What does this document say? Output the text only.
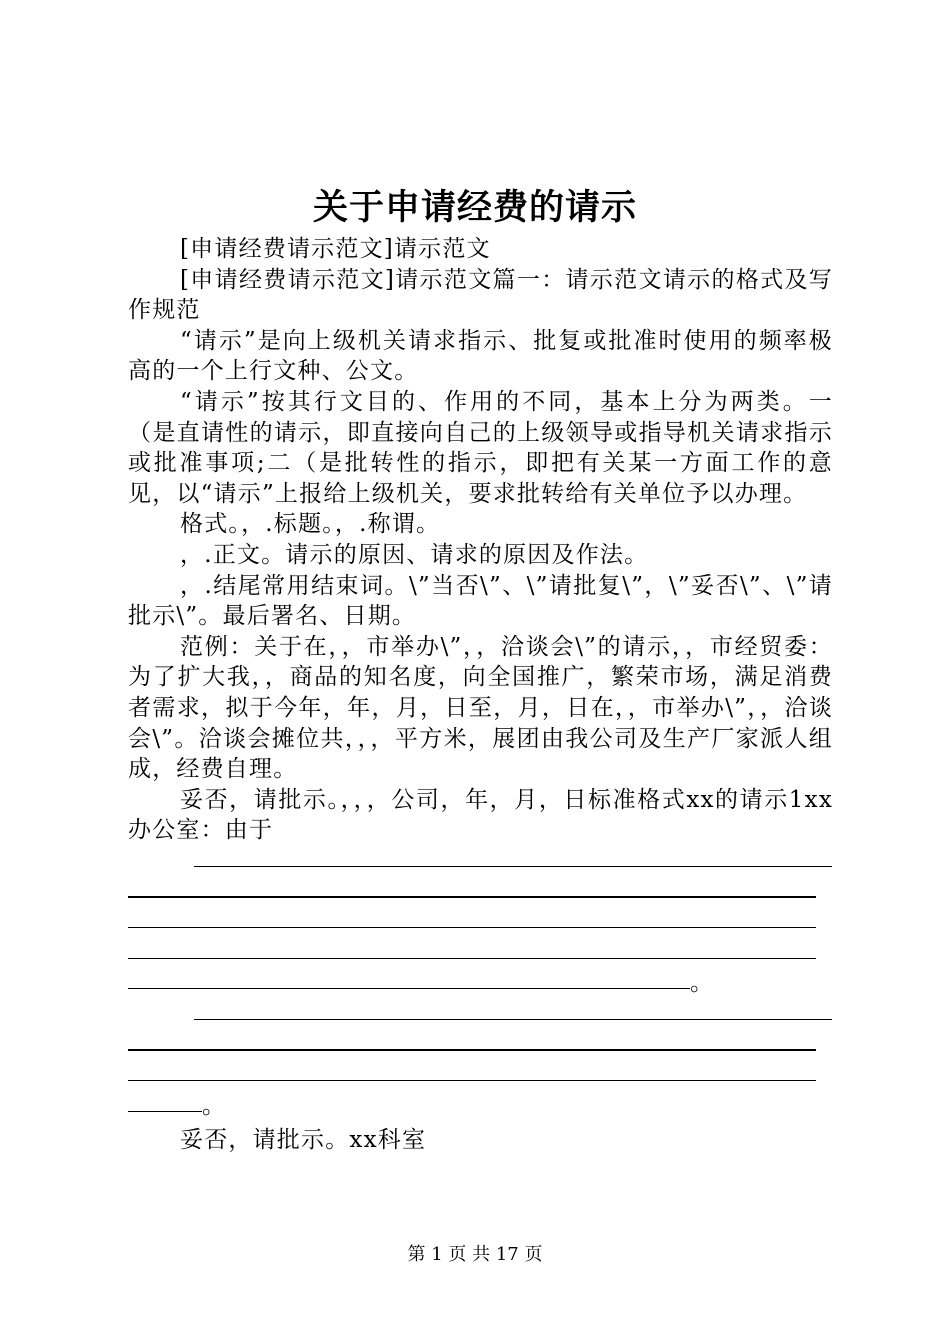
关于申请经费的请示

[申请经费请示范文]请示范文

[申请经费请示范文]请示范文篇一：请示范文请示的格式及写作规范

“请示”是向上级机关请求指示、批复或批准时使用的频率极高的一个上行文种、公文。

“请示”按其行文目的、作用的不同，基本上分为两类。一（是直请性的请示，即直接向自己的上级领导或指导机关请求指示或批准事项;二（是批转性的指示，即把有关某一方面工作的意见，以“请示”上报给上级机关，要求批转给有关单位予以办理。

格式。，.标题。，.称谓。

，.正文。请示的原因、请求的原因及作法。

，.结尾常用结束词。\”当否\”、\”请批复\”，\”妥否\”、\”请批示\”。最后署名、日期。

范例：关于在，，市举办\”，，洽谈会\”的请示，，市经贸委：为了扩大我，，商品的知名度，向全国推广，繁荣市场，满足消费者需求，拟于今年，年，月，日至，月，日在，，市举办\”，，洽谈会\”。洽谈会摊位共，，，平方米，展团由我公司及生产厂家派人组成，经费自理。

妥否，请批示。，，，公司，年，月，日标准格式xx的请示1xx办公室：由于

。
。

妥否，请批示。xx科室

第 1 页 共 17 页
